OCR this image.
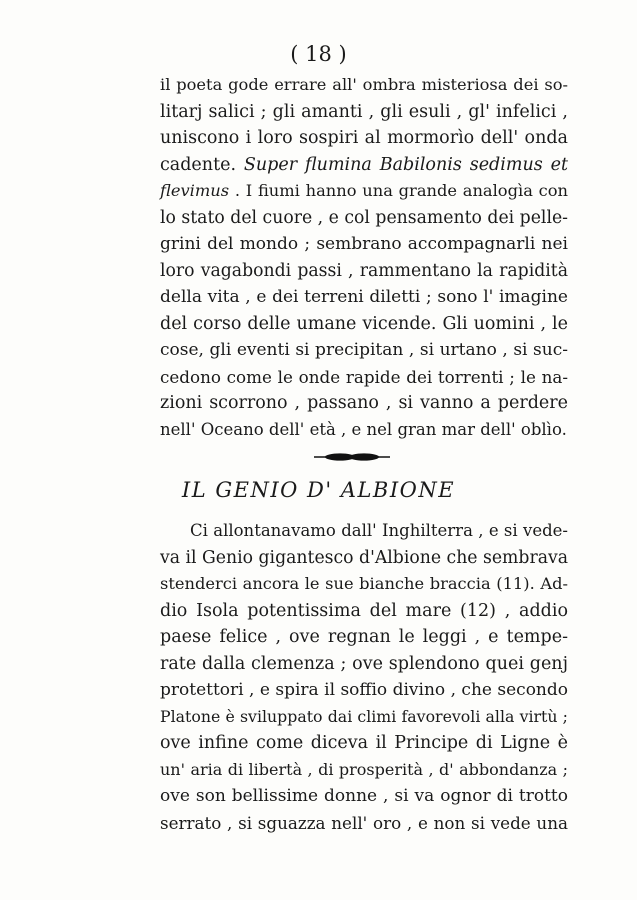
( 18 )
il poeta gode errare all' ombra misteriosa dei so-
litarj salici ; gli amanti , gli esuli , gl' infelici ,
uniscono i loro sospiri al mormorìo dell' onda
cadente. Super flumina Babilonis sedimus et
flevimus . I fiumi hanno una grande analogìa con
lo stato del cuore , e col pensamento dei pelle-
grini del mondo ; sembrano accompagnarli nei
loro vagabondi passi , rammentano la rapidità
della vita , e dei terreni diletti ; sono l' imagine
del corso delle umane vicende. Gli uomini , le
cose, gli eventi si precipitan , si urtano , si suc-
cedono come le onde rapide dei torrenti ; le na-
zioni scorrono , passano , si vanno a perdere
nell' Oceano dell' età , e nel gran mar dell' oblìo.
IL GENIO D' ALBIONE
Ci allontanavamo dall' Inghilterra , e si vede-
va il Genio gigantesco d'Albione che sembrava
stenderci ancora le sue bianche braccia (11). Ad-
dio Isola potentissima del mare (12) , addio
paese felice , ove regnan le leggi , e tempe-
rate dalla clemenza ; ove splendono quei genj
protettori , e spira il soffio divino , che secondo
Platone è sviluppato dai climi favorevoli alla virtù ;
ove infine come diceva il Principe di Ligne è
un' aria di libertà , di prosperità , d' abbondanza ;
ove son bellissime donne , si va ognor di trotto
serrato , si sguazza nell' oro , e non si vede una
